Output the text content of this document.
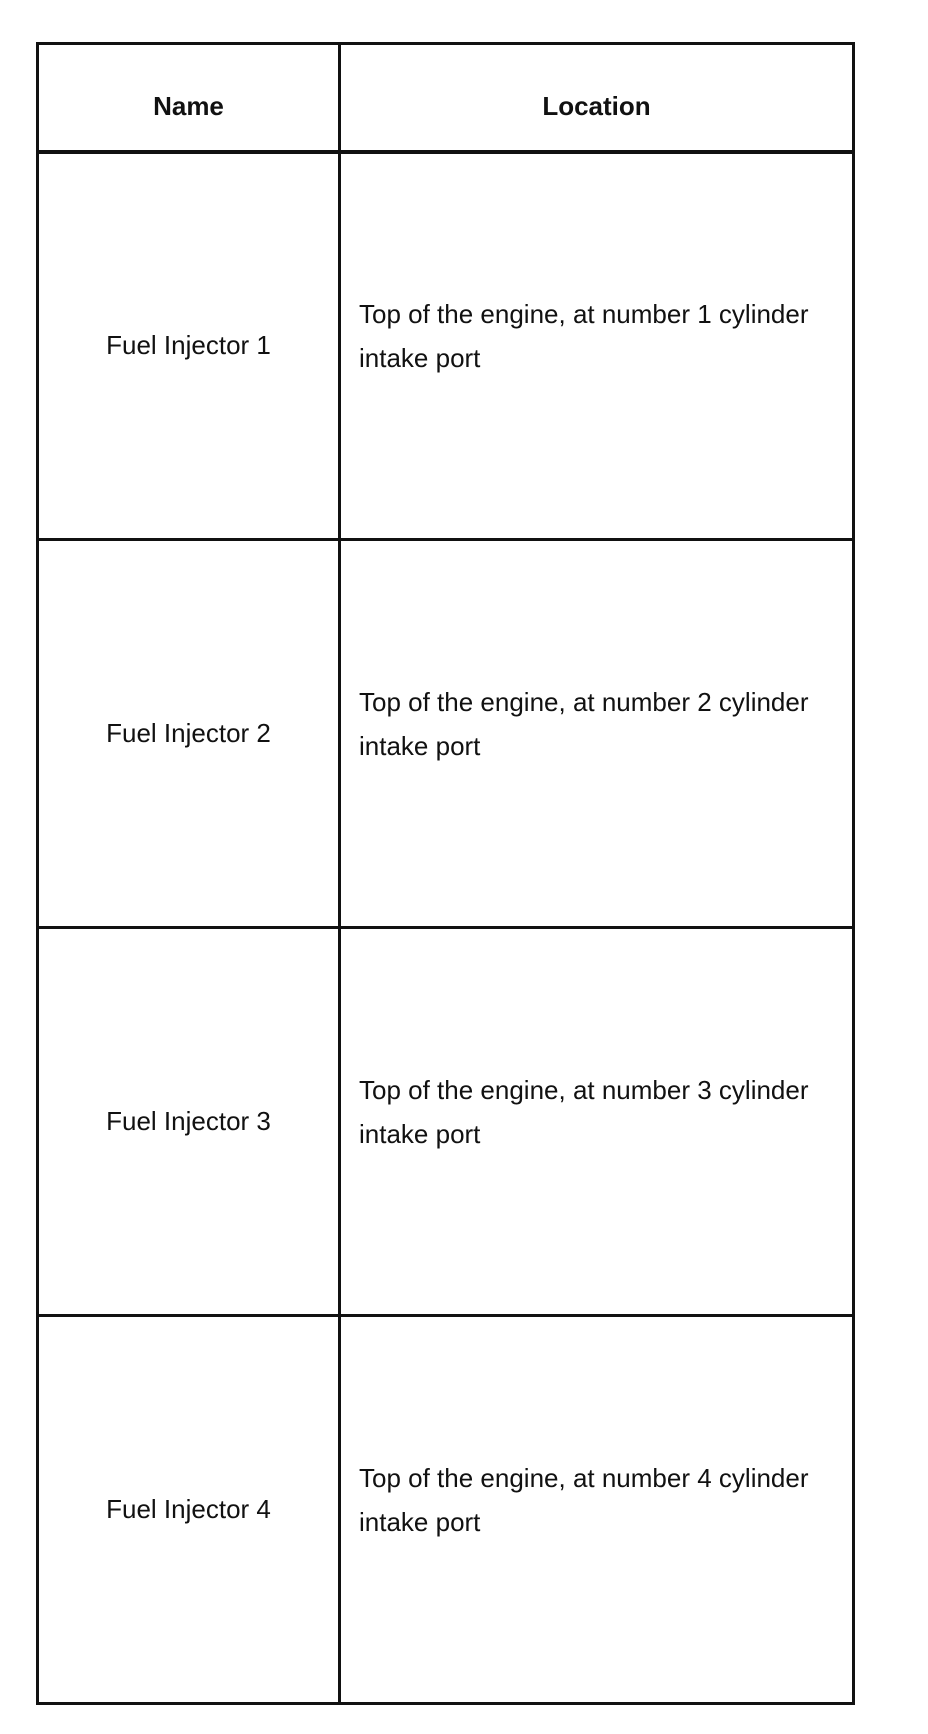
Name	Location
Fuel Injector 1	Top of the engine, at number 1 cylinder intake port

Fuel Injector 2	Top of the engine, at number 2 cylinder intake port

Fuel Injector 3	Top of the engine, at number 3 cylinder intake port

Fuel Injector 4	Top of the engine, at number 4 cylinder intake port
